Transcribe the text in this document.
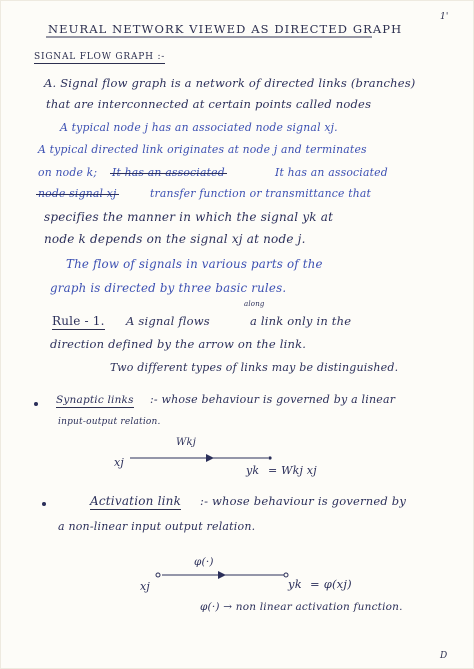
NEURAL NETWORK VIEWED AS DIRECTED GRAPH
1'
SIGNAL FLOW GRAPH :-
A. Signal flow graph is a network of directed links (branches)
that are interconnected at certain points called nodes
A typical node j has an associated node signal xj.
A typical directed link originates at node j and terminates
on node k; It has an associated	It has an associated
node signal xj	transfer function or transmittance that
specifies the manner in which the signal yk at
node k depends on the signal xj at node j.
The flow of signals in various parts of the
graph is directed by three basic rules.
Rule - 1. A signal flows
along
a link only in the
direction defined by the arrow on the link.
Two different types of links may be distinguished.
Synaptic links :- whose behaviour is governed by a linear
input-output relation.
Wkj
xj
yk = Wkj xj
Activation link :- whose behaviour is governed by
a non-linear input output relation.
φ(·)
xj	yk = φ(xj)
φ(·) → non linear activation function.
D
